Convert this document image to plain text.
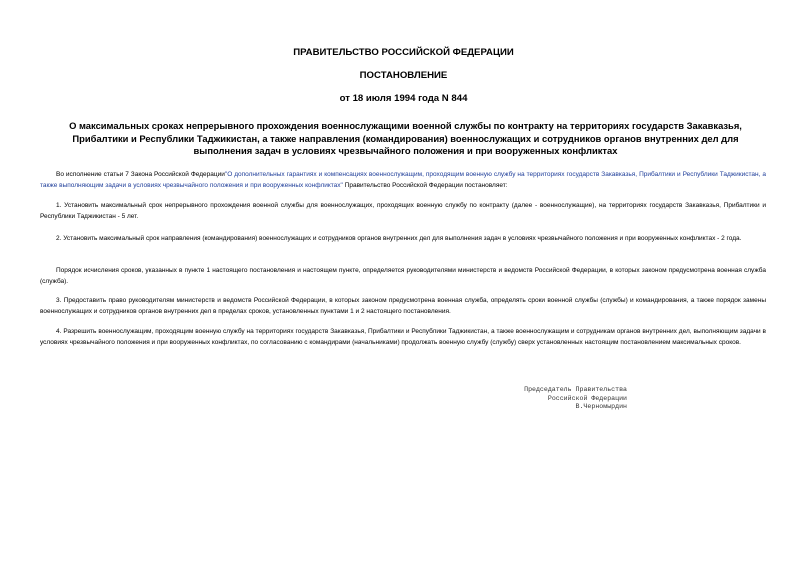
ПРАВИТЕЛЬСТВО РОССИЙСКОЙ ФЕДЕРАЦИИ
ПОСТАНОВЛЕНИЕ
от 18 июля 1994 года N 844
О максимальных сроках непрерывного прохождения военнослужащими военной службы по контракту на территориях государств Закавказья, Прибалтики и Республики Таджикистан, а также направления (командирования) военнослужащих и сотрудников органов внутренних дел для выполнения задач в условиях чрезвычайного положения и при вооруженных конфликтах
Во исполнение статьи 7 Закона Российской Федерации"О дополнительных гарантиях и компенсациях военнослужащим, проходящим военную службу на территориях государств Закавказья, Прибалтики и Республики Таджикистан, а также выполняющим задачи в условиях чрезвычайного положения и при вооруженных конфликтах" Правительство Российской Федерации постановляет:
1. Установить максимальный срок непрерывного прохождения военной службы для военнослужащих, проходящих военную службу по контракту (далее - военнослужащие), на территориях государств Закавказья, Прибалтики и Республики Таджикистан - 5 лет.
2. Установить максимальный срок направления (командирования) военнослужащих и сотрудников органов внутренних дел для выполнения задач в условиях чрезвычайного положения и при вооруженных конфликтах - 2 года.
Порядок исчисления сроков, указанных в пункте 1 настоящего постановления и настоящем пункте, определяется руководителями министерств и ведомств Российской Федерации, в которых законом предусмотрена военная служба (служба).
3. Предоставить право руководителям министерств и ведомств Российской Федерации, в которых законом предусмотрена военная служба, определять сроки военной службы (службы) и командирования, а также порядок замены военнослужащих и сотрудников органов внутренних дел в пределах сроков, установленных пунктами 1 и 2 настоящего постановления.
4. Разрешить военнослужащим, проходящим военную службу на территориях государств Закавказья, Прибалтики и Республики Таджикистан, а также военнослужащим и сотрудникам органов внутренних дел, выполняющим задачи в условиях чрезвычайного положения и при вооруженных конфликтах, по согласованию с командирами (начальниками) продолжать военную службу (службу) сверх установленных настоящим постановлением максимальных сроков.
Председатель Правительства
Российской Федерации
В.Черномырдин
